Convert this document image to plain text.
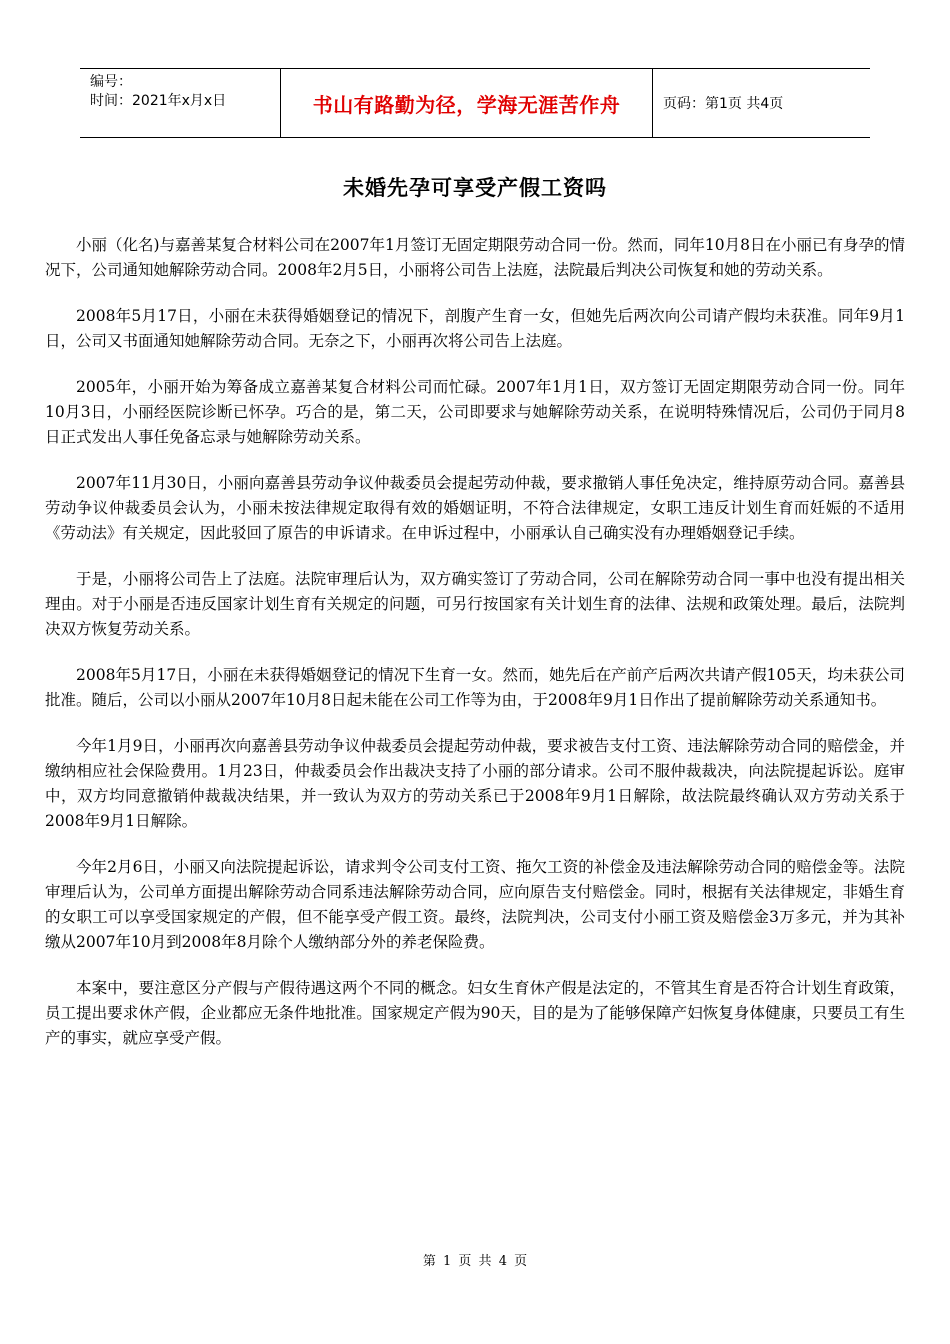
编号：
时间：2021年x月x日	书山有路勤为径，学海无涯苦作舟	页码：第1页 共4页
未婚先孕可享受产假工资吗

小丽（化名)与嘉善某复合材料公司在2007年1月签订无固定期限劳动合同一份。然而，同年10月8日在小丽已有身孕的情况下，公司通知她解除劳动合同。2008年2月5日，小丽将公司告上法庭，法院最后判决公司恢复和她的劳动关系。

2008年5月17日，小丽在未获得婚姻登记的情况下，剖腹产生育一女，但她先后两次向公司请产假均未获准。同年9月1日，公司又书面通知她解除劳动合同。无奈之下，小丽再次将公司告上法庭。

2005年，小丽开始为筹备成立嘉善某复合材料公司而忙碌。2007年1月1日，双方签订无固定期限劳动合同一份。同年10月3日，小丽经医院诊断已怀孕。巧合的是，第二天，公司即要求与她解除劳动关系，在说明特殊情况后，公司仍于同月8日正式发出人事任免备忘录与她解除劳动关系。

2007年11月30日，小丽向嘉善县劳动争议仲裁委员会提起劳动仲裁，要求撤销人事任免决定，维持原劳动合同。嘉善县劳动争议仲裁委员会认为，小丽未按法律规定取得有效的婚姻证明，不符合法律规定，女职工违反计划生育而妊娠的不适用 《劳动法》有关规定，因此驳回了原告的申诉请求。在申诉过程中，小丽承认自己确实没有办理婚姻登记手续。

于是，小丽将公司告上了法庭。法院审理后认为，双方确实签订了劳动合同，公司在解除劳动合同一事中也没有提出相关理由。对于小丽是否违反国家计划生育有关规定的问题，可另行按国家有关计划生育的法律、法规和政策处理。最后，法院判决双方恢复劳动关系。

2008年5月17日，小丽在未获得婚姻登记的情况下生育一女。然而，她先后在产前产后两次共请产假105天，均未获公司批准。随后，公司以小丽从2007年10月8日起未能在公司工作等为由，于2008年9月1日作出了提前解除劳动关系通知书。

今年1月9日，小丽再次向嘉善县劳动争议仲裁委员会提起劳动仲裁，要求被告支付工资、违法解除劳动合同的赔偿金，并缴纳相应社会保险费用。1月23日，仲裁委员会作出裁决支持了小丽的部分请求。公司不服仲裁裁决，向法院提起诉讼。庭审中，双方均同意撤销仲裁裁决结果，并一致认为双方的劳动关系已于2008年9月1日解除，故法院最终确认双方劳动关系于2008年9月1日解除。

今年2月6日，小丽又向法院提起诉讼，请求判令公司支付工资、拖欠工资的补偿金及违法解除劳动合同的赔偿金等。法院审理后认为，公司单方面提出解除劳动合同系违法解除劳动合同，应向原告支付赔偿金。同时，根据有关法律规定，非婚生育的女职工可以享受国家规定的产假，但不能享受产假工资。最终，法院判决，公司支付小丽工资及赔偿金3万多元，并为其补缴从2007年10月到2008年8月除个人缴纳部分外的养老保险费。

本案中，要注意区分产假与产假待遇这两个不同的概念。妇女生育休产假是法定的，不管其生育是否符合计划生育政策，员工提出要求休产假，企业都应无条件地批准。国家规定产假为90天，目的是为了能够保障产妇恢复身体健康，只要员工有生产的事实，就应享受产假。

第 1 页 共 4 页
